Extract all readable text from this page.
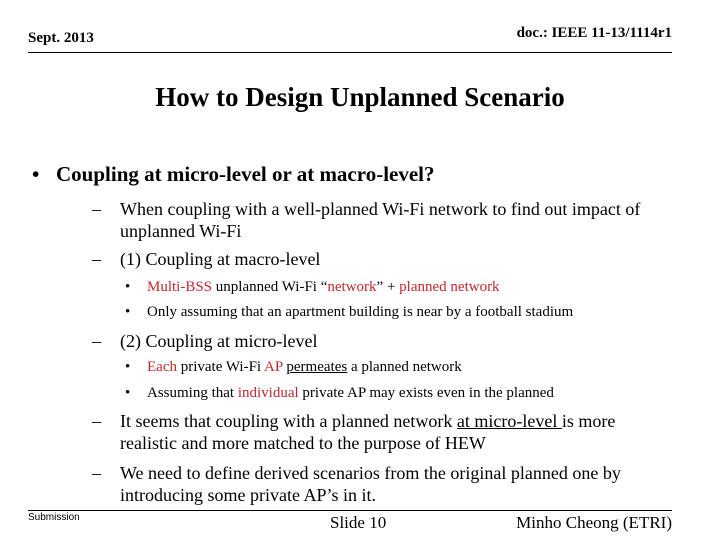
Sept. 2013	doc.: IEEE 11-13/1114r1
How to Design Unplanned Scenario
• Coupling at micro-level or at macro-level?
– When coupling with a well-planned Wi-Fi network to find out impact of unplanned Wi-Fi
– (1) Coupling at macro-level
• Multi-BSS unplanned Wi-Fi “network” + planned network
• Only assuming that an apartment building is near by a football stadium
– (2) Coupling at micro-level
• Each private Wi-Fi AP permeates a planned network
• Assuming that individual private AP may exists even in the planned
– It seems that coupling with a planned network at micro-level is more realistic and more matched to the purpose of HEW
– We need to define derived scenarios from the original planned one by introducing some private AP’s in it.
Submission	Slide 10	Minho Cheong (ETRI)
